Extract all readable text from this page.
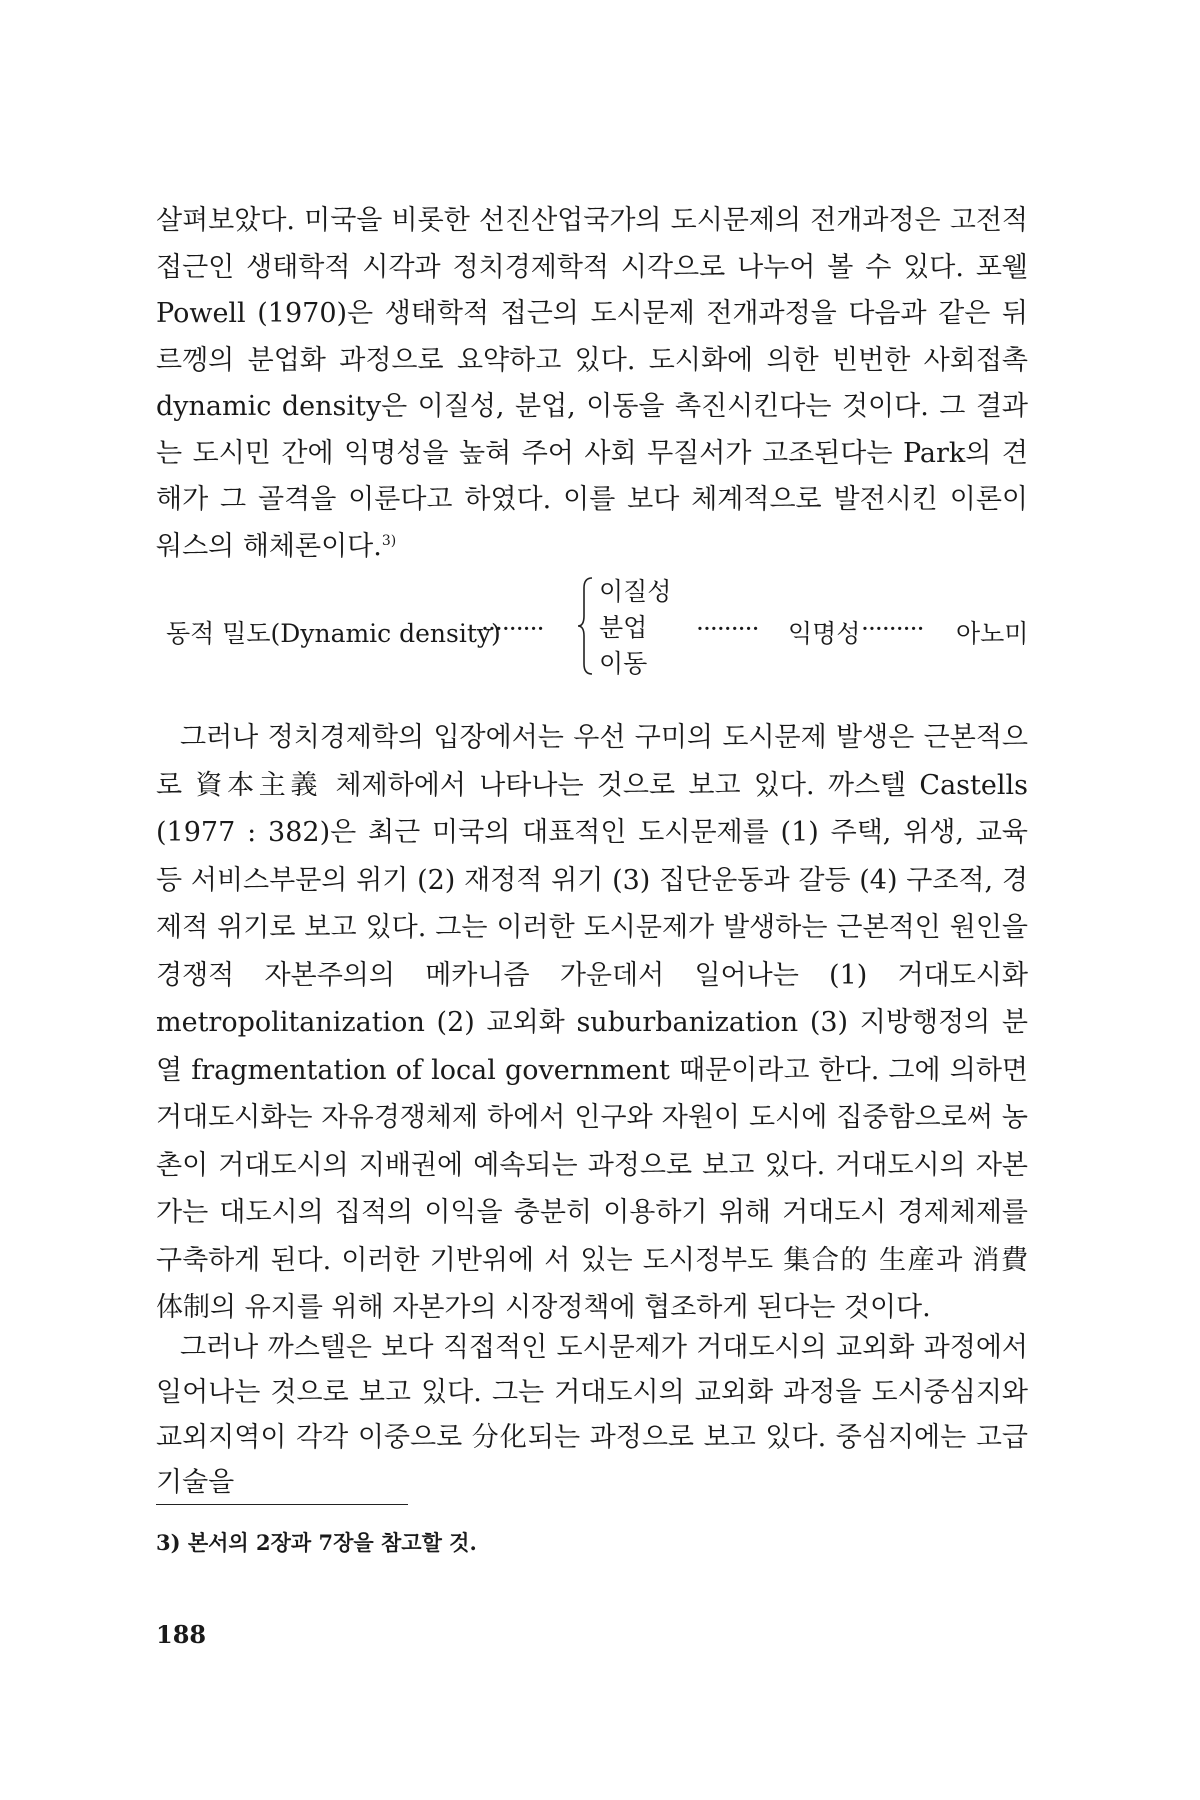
살펴보았다. 미국을 비롯한 선진산업국가의 도시문제의 전개과정은 고전적 접근인 생태학적 시각과 정치경제학적 시각으로 나누어 볼 수 있다. 포웰 Powell (1970)은 생태학적 접근의 도시문제 전개과정을 다음과 같은 뒤르껭의 분업화 과정으로 요약하고 있다. 도시화에 의한 빈번한 사회접촉 dynamic density은 이질성, 분업, 이동을 촉진시킨다는 것이다. 그 결과는 도시민 간에 익명성을 높혀 주어 사회 무질서가 고조된다는 Park의 견해가 그 골격을 이룬다고 하였다. 이를 보다 체계적으로 발전시킨 이론이 워스의 해체론이다.$^{3)}$

동적 밀도(Dynamic density)
·········
이질성
분업
이동
········· 익명성 ········· 아노미

그러나 정치경제학의 입장에서는 우선 구미의 도시문제 발생은 근본적으로 資本主義 체제하에서 나타나는 것으로 보고 있다. 까스텔 Castells (1977 : 382)은 최근 미국의 대표적인 도시문제를 (1) 주택, 위생, 교육 등 서비스부문의 위기 (2) 재정적 위기 (3) 집단운동과 갈등 (4) 구조적, 경제적 위기로 보고 있다. 그는 이러한 도시문제가 발생하는 근본적인 원인을 경쟁적 자본주의의 메카니즘 가운데서 일어나는 (1) 거대도시화 metropolitanization (2) 교외화 suburbanization (3) 지방행정의 분열 fragmentation of local government 때문이라고 한다. 그에 의하면 거대도시화는 자유경쟁체제 하에서 인구와 자원이 도시에 집중함으로써 농촌이 거대도시의 지배권에 예속되는 과정으로 보고 있다. 거대도시의 자본가는 대도시의 집적의 이익을 충분히 이용하기 위해 거대도시 경제체제를 구축하게 된다. 이러한 기반위에 서 있는 도시정부도 集合的 生産과 消費体制의 유지를 위해 자본가의 시장정책에 협조하게 된다는 것이다.

그러나 까스텔은 보다 직접적인 도시문제가 거대도시의 교외화 과정에서 일어나는 것으로 보고 있다. 그는 거대도시의 교외화 과정을 도시중심지와 교외지역이 각각 이중으로 分化되는 과정으로 보고 있다. 중심지에는 고급기술을

3) 본서의 2장과 7장을 참고할 것.
188
